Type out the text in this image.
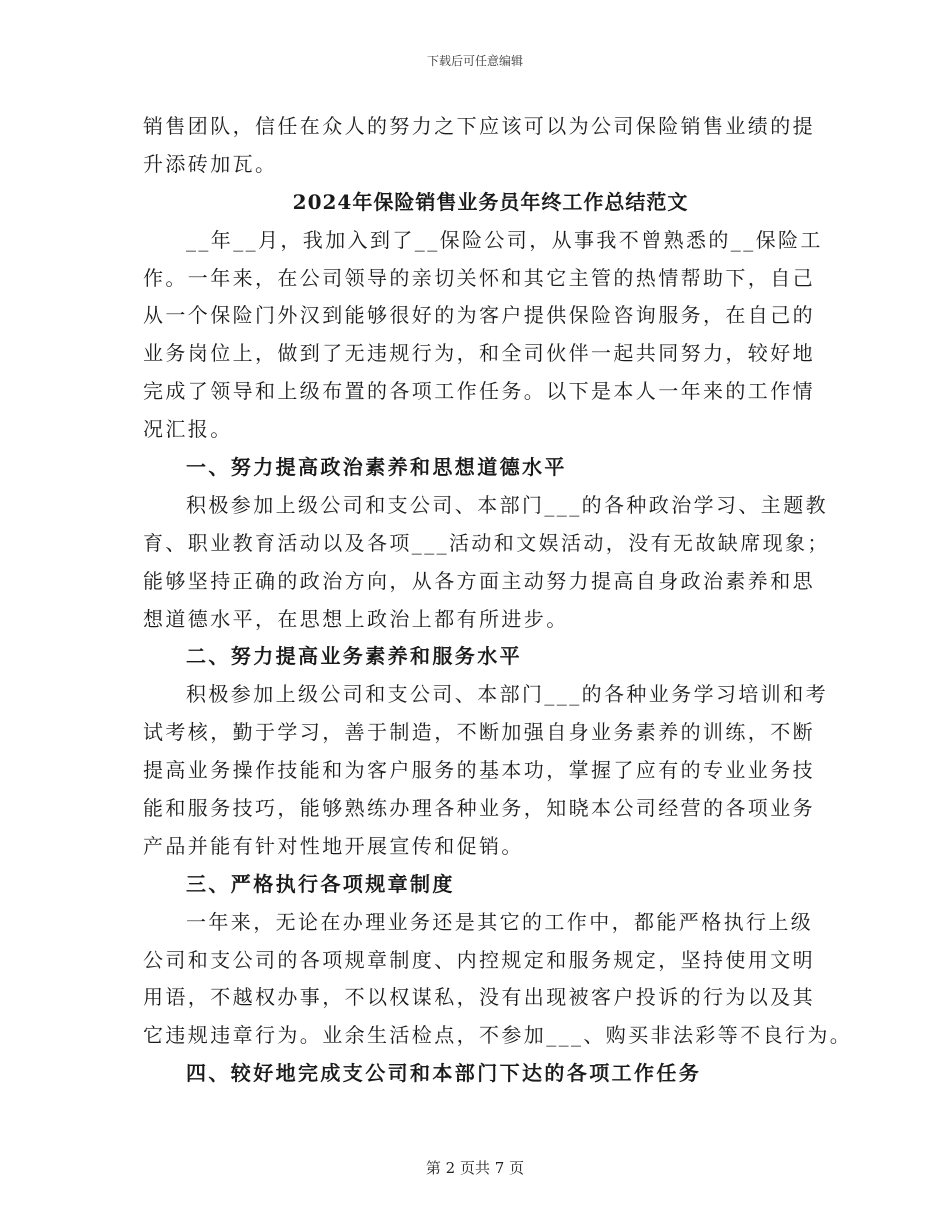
下载后可任意编辑
销售团队，信任在众人的努力之下应该可以为公司保险销售业绩的提
升添砖加瓦。
2024年保险销售业务员年终工作总结范文
__年__月，我加入到了__保险公司，从事我不曾熟悉的__保险工
作。一年来，在公司领导的亲切关怀和其它主管的热情帮助下，自己
从一个保险门外汉到能够很好的为客户提供保险咨询服务，在自己的
业务岗位上，做到了无违规行为，和全司伙伴一起共同努力，较好地
完成了领导和上级布置的各项工作任务。以下是本人一年来的工作情
况汇报。
一、努力提高政治素养和思想道德水平
积极参加上级公司和支公司、本部门___的各种政治学习、主题教
育、职业教育活动以及各项___活动和文娱活动，没有无故缺席现象；
能够坚持正确的政治方向，从各方面主动努力提高自身政治素养和思
想道德水平，在思想上政治上都有所进步。
二、努力提高业务素养和服务水平
积极参加上级公司和支公司、本部门___的各种业务学习培训和考
试考核，勤于学习，善于制造，不断加强自身业务素养的训练，不断
提高业务操作技能和为客户服务的基本功，掌握了应有的专业业务技
能和服务技巧，能够熟练办理各种业务，知晓本公司经营的各项业务
产品并能有针对性地开展宣传和促销。
三、严格执行各项规章制度
一年来，无论在办理业务还是其它的工作中，都能严格执行上级
公司和支公司的各项规章制度、内控规定和服务规定，坚持使用文明
用语，不越权办事，不以权谋私，没有出现被客户投诉的行为以及其
它违规违章行为。业余生活检点，不参加___、购买非法彩等不良行为。
四、较好地完成支公司和本部门下达的各项工作任务
第 2 页共 7 页
